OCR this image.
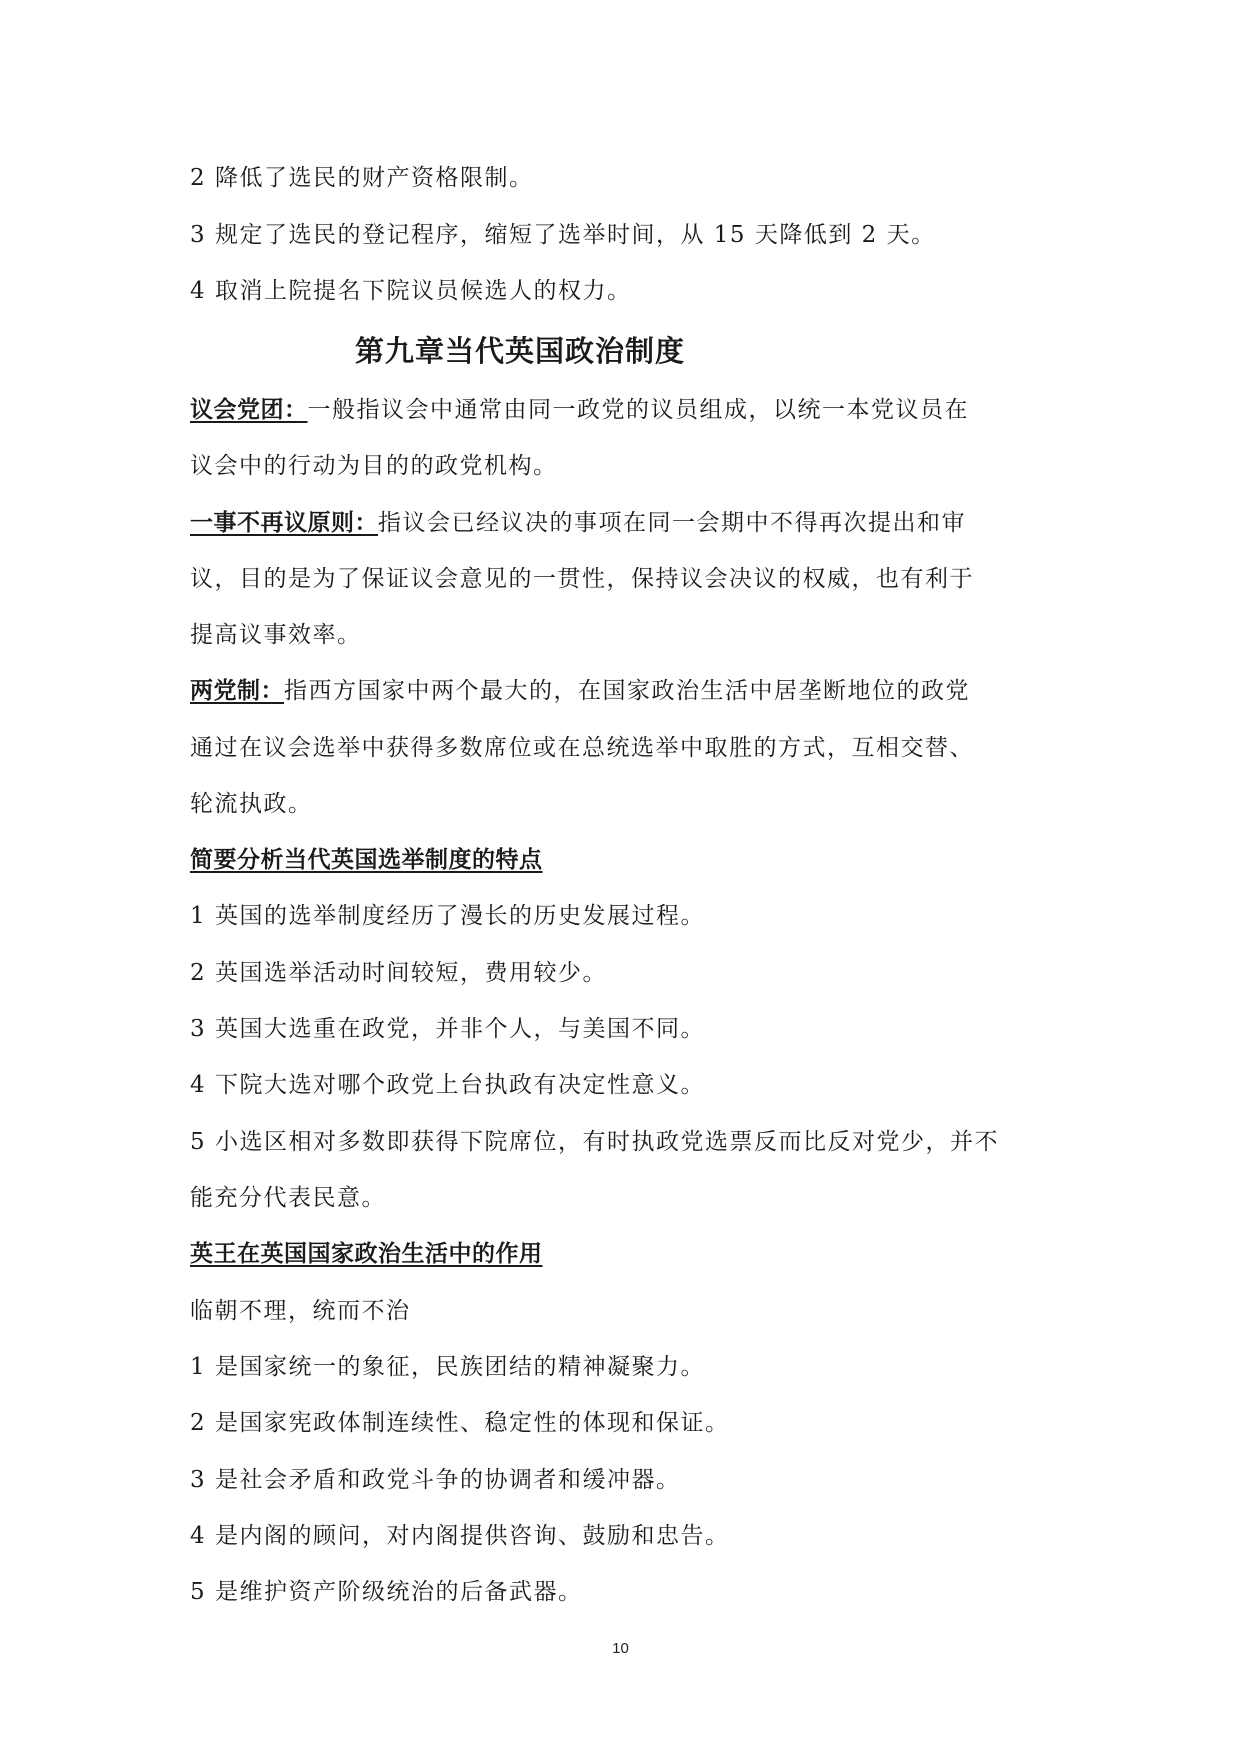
2 降低了选民的财产资格限制。
3 规定了选民的登记程序，缩短了选举时间，从 15 天降低到 2 天。
4 取消上院提名下院议员候选人的权力。
第九章当代英国政治制度
议会党团：一般指议会中通常由同一政党的议员组成，以统一本党议员在
议会中的行动为目的的政党机构。
一事不再议原则：指议会已经议决的事项在同一会期中不得再次提出和审
议，目的是为了保证议会意见的一贯性，保持议会决议的权威，也有利于
提高议事效率。
两党制：指西方国家中两个最大的，在国家政治生活中居垄断地位的政党
通过在议会选举中获得多数席位或在总统选举中取胜的方式，互相交替、
轮流执政。
简要分析当代英国选举制度的特点
1 英国的选举制度经历了漫长的历史发展过程。
2 英国选举活动时间较短，费用较少。
3 英国大选重在政党，并非个人，与美国不同。
4 下院大选对哪个政党上台执政有决定性意义。
5 小选区相对多数即获得下院席位，有时执政党选票反而比反对党少，并不
能充分代表民意。
英王在英国国家政治生活中的作用
临朝不理，统而不治
1 是国家统一的象征，民族团结的精神凝聚力。
2 是国家宪政体制连续性、稳定性的体现和保证。
3 是社会矛盾和政党斗争的协调者和缓冲器。
4 是内阁的顾问，对内阁提供咨询、鼓励和忠告。
5 是维护资产阶级统治的后备武器。
10
